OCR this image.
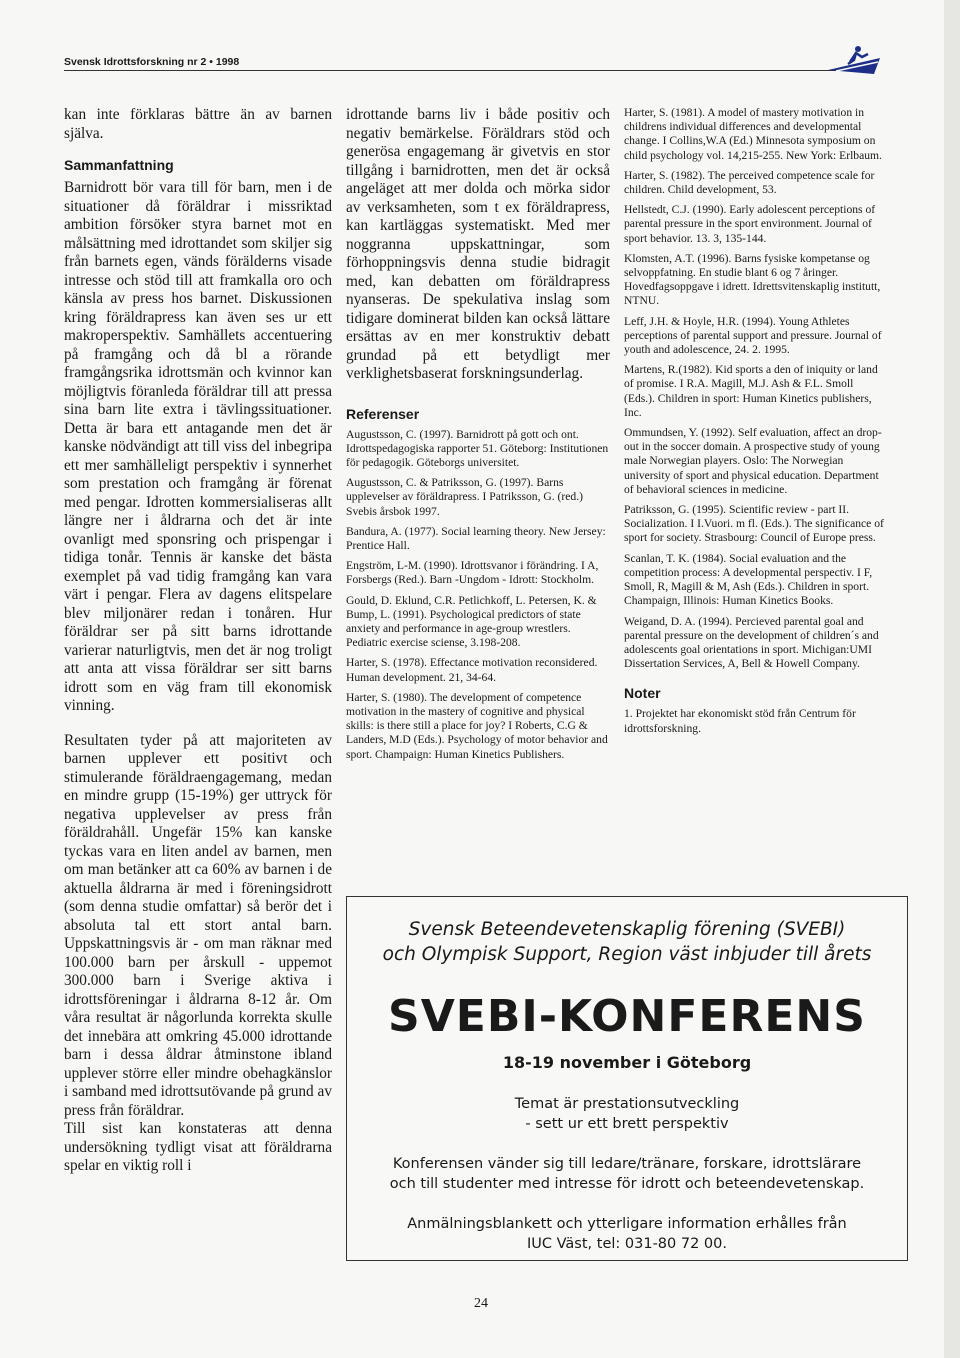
Svensk Idrottsforskning nr 2 • 1998

kan inte förklaras bättre än av barnen själva.

Sammanfattning

Barnidrott bör vara till för barn, men i de situationer då föräldrar i missriktad ambition försöker styra barnet mot en målsättning med idrottandet som skiljer sig från barnets egen, vänds förälderns visade intresse och stöd till att framkalla oro och känsla av press hos barnet. Diskussionen kring föräldrapress kan även ses ur ett makroperspektiv. Samhällets accentuering på framgång och då bl a rörande framgångsrika idrottsmän och kvinnor kan möjligtvis föranleda föräldrar till att pressa sina barn lite extra i tävlingssituationer. Detta är bara ett antagande men det är kanske nödvändigt att till viss del inbegripa ett mer samhälleligt perspektiv i synnerhet som prestation och framgång är förenat med pengar. Idrotten kommersialiseras allt längre ner i åldrarna och det är inte ovanligt med sponsring och prispengar i tidiga tonår. Tennis är kanske det bästa exemplet på vad tidig framgång kan vara värt i pengar. Flera av dagens elitspelare blev miljonärer redan i tonåren. Hur föräldrar ser på sitt barns idrottande varierar naturligtvis, men det är nog troligt att anta att vissa föräldrar ser sitt barns idrott som en väg fram till ekonomisk vinning.

Resultaten tyder på att majoriteten av barnen upplever ett positivt och stimulerande föräldraengagemang, medan en mindre grupp (15-19%) ger uttryck för negativa upplevelser av press från föräldrahåll. Ungefär 15% kan kanske tyckas vara en liten andel av barnen, men om man betänker att ca 60% av barnen i de aktuella åldrarna är med i föreningsidrott (som denna studie omfattar) så berör det i absoluta tal ett stort antal barn. Uppskattningsvis är - om man räknar med 100.000 barn per årskull - uppemot 300.000 barn i Sverige aktiva i idrottsföreningar i åldrarna 8-12 år. Om våra resultat är någorlunda korrekta skulle det innebära att omkring 45.000 idrottande barn i dessa åldrar åtminstone ibland upplever större eller mindre obehagkänslor i samband med idrottsutövande på grund av press från föräldrar.

Till sist kan konstateras att denna undersökning tydligt visat att föräldrarna spelar en viktig roll i

idrottande barns liv i både positiv och negativ bemärkelse. Föräldrars stöd och generösa engagemang är givetvis en stor tillgång i barnidrotten, men det är också angeläget att mer dolda och mörka sidor av verksamheten, som t ex föräldrapress, kan kartläggas systematiskt. Med mer noggranna uppskattningar, som förhoppningsvis denna studie bidragit med, kan debatten om föräldrapress nyanseras. De spekulativa inslag som tidigare dominerat bilden kan också lättare ersättas av en mer konstruktiv debatt grundad på ett betydligt mer verklighetsbaserat forskningsunderlag.

Referenser
Augustsson, C. (1997). Barnidrott på gott och ont. Idrottspedagogiska rapporter 51. Göteborg: Institutionen för pedagogik. Göteborgs universitet.
Augustsson, C. & Patriksson, G. (1997). Barns upplevelser av föräldrapress. I Patriksson, G. (red.) Svebis årsbok 1997.
Bandura, A. (1977). Social learning theory. New Jersey: Prentice Hall.
Engström, L-M. (1990). Idrottsvanor i förändring. I A, Forsbergs (Red.). Barn -Ungdom - Idrott: Stockholm.
Gould, D. Eklund, C.R. Petlichkoff, L. Petersen, K. & Bump, L. (1991). Psychological predictors of state anxiety and performance in age-group wrestlers. Pediatric exercise sciense, 3.198-208.
Harter, S. (1978). Effectance motivation reconsidered. Human development. 21, 34-64.
Harter, S. (1980). The development of competence motivation in the mastery of cognitive and physical skills: is there still a place for joy? I Roberts, C.G & Landers, M.D (Eds.). Psychology of motor behavior and sport. Champaign: Human Kinetics Publishers.
Harter, S. (1981). A model of mastery motivation in childrens individual differences and developmental change. I Collins,W.A (Ed.) Minnesota symposium on child psychology vol. 14,215-255. New York: Erlbaum.
Harter, S. (1982). The perceived competence scale for children. Child development, 53.
Hellstedt, C.J. (1990). Early adolescent perceptions of parental pressure in the sport environment. Journal of sport behavior. 13. 3, 135-144.
Klomsten, A.T. (1996). Barns fysiske kompetanse og selvoppfatning. En studie blant 6 og 7 åringer. Hovedfagsoppgave i idrett. Idrettsvitenskaplig institutt, NTNU.
Leff, J.H. & Hoyle, H.R. (1994). Young Athletes perceptions of parental support and pressure. Journal of youth and adolescence, 24. 2. 1995.
Martens, R.(1982). Kid sports a den of iniquity or land of promise. I R.A. Magill, M.J. Ash & F.L. Smoll (Eds.). Children in sport: Human Kinetics publishers, Inc.
Ommundsen, Y. (1992). Self evaluation, affect an drop-out in the soccer domain. A prospective study of young male Norwegian players. Oslo: The Norwegian university of sport and physical education. Department of behavioral sciences in medicine.
Patriksson, G. (1995). Scientific review - part II. Socialization. I I.Vuori. m fl. (Eds.). The significance of sport for society. Strasbourg: Council of Europe press.
Scanlan, T. K. (1984). Social evaluation and the competition process: A developmental perspectiv. I F, Smoll, R, Magill & M, Ash (Eds.). Children in sport. Champaign, Illinois: Human Kinetics Books.
Weigand, D. A. (1994). Percieved parental goal and parental pressure on the development of children´s and adolescents goal orientations in sport. Michigan:UMI Dissertation Services, A, Bell & Howell Company.
Noter

1. Projektet har ekonomiskt stöd från Centrum för idrottsforskning.

Svensk Beteendevetenskaplig förening (SVEBI)
och Olympisk Support, Region väst inbjuder till årets
SVEBI-KONFERENS
18-19 november i Göteborg
Temat är prestationsutveckling
- sett ur ett brett perspektiv
Konferensen vänder sig till ledare/tränare, forskare, idrottslärare
och till studenter med intresse för idrott och beteendevetenskap.
Anmälningsblankett och ytterligare information erhålles från
IUC Väst, tel: 031-80 72 00.
24
